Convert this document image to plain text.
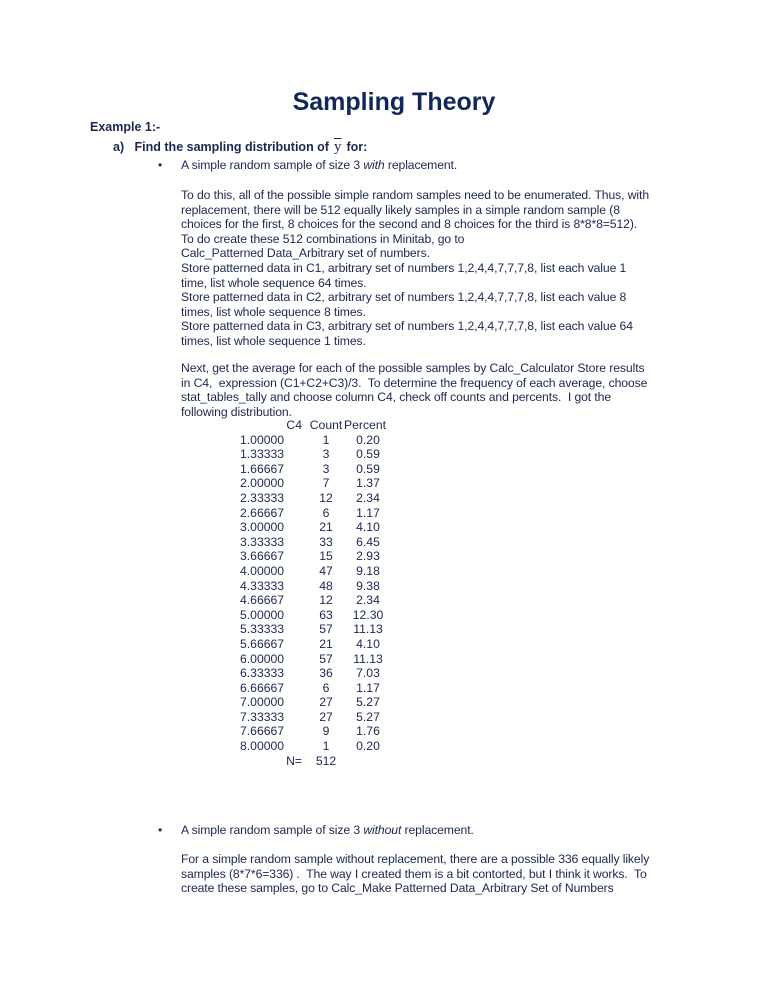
Sampling Theory
Example 1:-
a) Find the sampling distribution of $\overline{y}$ for:
• A simple random sample of size 3 with replacement.
To do this, all of the possible simple random samples need to be enumerated. Thus, with
replacement, there will be 512 equally likely samples in a simple random sample (8
choices for the first, 8 choices for the second and 8 choices for the third is 8*8*8=512).
To do create these 512 combinations in Minitab, go to
Calc_Patterned Data_Arbitrary set of numbers.
Store patterned data in C1, arbitrary set of numbers 1,2,4,4,7,7,7,8, list each value 1
time, list whole sequence 64 times.
Store patterned data in C2, arbitrary set of numbers 1,2,4,4,7,7,7,8, list each value 8
times, list whole sequence 8 times.
Store patterned data in C3, arbitrary set of numbers 1,2,4,4,7,7,7,8, list each value 64
times, list whole sequence 1 times.
Next, get the average for each of the possible samples by Calc_Calculator Store results
in C4,  expression (C1+C2+C3)/3.  To determine the frequency of each average, choose
stat_tables_tally and choose column C4, check off counts and percents.  I got the
following distribution.
C4	Count	Percent
1.00000	1	0.20
1.33333	3	0.59
1.66667	3	0.59
2.00000	7	1.37
2.33333	12	2.34
2.66667	6	1.17
3.00000	21	4.10
3.33333	33	6.45
3.66667	15	2.93
4.00000	47	9.18
4.33333	48	9.38
4.66667	12	2.34
5.00000	63	12.30
5.33333	57	11.13
5.66667	21	4.10
6.00000	57	11.13
6.33333	36	7.03
6.66667	6	1.17
7.00000	27	5.27
7.33333	27	5.27
7.66667	9	1.76
8.00000	1	0.20
N=	512	
• A simple random sample of size 3 without replacement.
For a simple random sample without replacement, there are a possible 336 equally likely
samples (8*7*6=336) .  The way I created them is a bit contorted, but I think it works.  To
create these samples, go to Calc_Make Patterned Data_Arbitrary Set of Numbers
